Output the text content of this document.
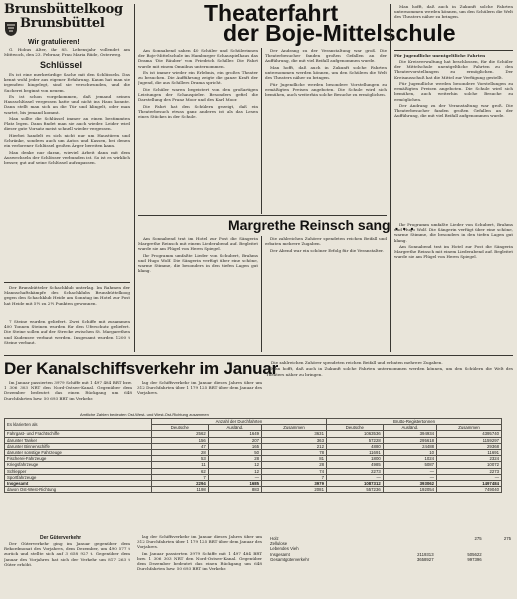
Brunsbüttelkoog
Brunsbüttel
Wir gratulieren!

G. Hobus Alter, ihr 85. Lebensjahr vollendet am Mittwoch, den 23. Februar, Frau Maria Rüde, Osterweg.

Schlüssel

Es ist eine merkwürdige Sache mit den Schlüsseln. Das kennt wohl jeder aus eigener Erfahrung. Kaum hat man sie irgendwo hingelegt, sind sie verschwunden, und die Sucherei beginnt von neuem.

Es ist schon vorgekommen, daß jemand seinen Hausschlüssel vergessen hatte und nicht ins Haus konnte. Dann stellt man sich an die Tür und klingelt, oder man wartet, bis jemand kommt.

Man sollte die Schlüssel immer an einen bestimmten Platz legen. Dann findet man sie auch wieder. Leider wird dieser gute Vorsatz meist schnell wieder vergessen.

Hierbei handelt es sich nicht nur um Haustüren und Schränke, sondern auch um Autos und Kassen, bei denen ein verlorener Schlüssel großen Ärger bereiten kann.

Man denke nur daran, wieviel Arbeit dann mit dem Auswechseln der Schlösser verbunden ist. So ist es wirklich besser, gut auf seine Schlüssel aufzupassen.

Der Brunsbütteler Schachklub unterlag. Im Rahmen der Mannschaftskämpfe des Schachklubs Brunsbüttelkoog gegen den Schachklub Heide am Sonntag im Hotel zur Post hat Heide mit 5½ zu 2½ Punkten gewonnen.

7 Steine wurden geliefert. Zwei Schiffe mit zusammen 400 Tonnen Steinen wurden für den Uferschutz geliefert. Die Steine sollen auf der Strecke zwischen St. Margarethen und Kudensee verbaut werden. Insgesamt wurden 1200 t Steine verbaut.

Theaterfahrt
der Boje-Mittelschule

Am Sonnabend sahen 40 Schüler und Schülerinnen der Boje-Mittelschule im Hamburger Schauspielhaus das Drama 'Die Räuber' von Friedrich Schiller. Die Fahrt wurde mit einem Omnibus unternommen.

Es ist immer wieder ein Erlebnis, ein großes Theater zu besuchen. Die Aufführung zeigte die ganze Kraft der Jugend, die aus Schillers Drama spricht.

Die Schüler waren begeistert von den großartigen Leistungen der Schauspieler. Besonders gefiel die Darstellung des Franz Moor und des Karl Moor.

Die Fahrt hat den Schülern gezeigt, daß ein Theaterbesuch etwas ganz anderes ist als das Lesen eines Stückes in der Schule.

Der Andrang zu der Veranstaltung war groß. Die Theaterbesucher fanden großen Gefallen an der Aufführung, die mit viel Beifall aufgenommen wurde.

Man hofft, daß auch in Zukunft solche Fahrten unternommen werden können, um den Schülern die Welt des Theaters näher zu bringen.

Für Jugendliche werden besondere Vorstellungen zu ermäßigten Preisen angeboten. Die Schule wird sich bemühen, auch weiterhin solche Besuche zu ermöglichen.

Man hofft, daß auch in Zukunft solche Fahrten unternommen werden können, um den Schülern die Welt des Theaters näher zu bringen.

Für Jugendliche unentgeltliche Fahrten

Die Kreisverwaltung hat beschlossen, für die Schüler der Mittelschule unentgeltliche Fahrten zu den Theatervorstellungen zu ermöglichen. Der Kreisausschuß hat die Mittel zur Verfügung gestellt.

Für Jugendliche werden besondere Vorstellungen zu ermäßigten Preisen angeboten. Die Schule wird sich bemühen, auch weiterhin solche Besuche zu ermöglichen.

Der Andrang zu der Veranstaltung war groß. Die Theaterbesucher fanden großen Gefallen an der Aufführung, die mit viel Beifall aufgenommen wurde.

Margrethe Reinsch sang . . .

Am Sonnabend trat im Hotel zur Post die Sängerin Margrethe Reinsch mit einem Liederabend auf. Begleitet wurde sie am Flügel von Herrn Spiegel.

Ihr Programm umfaßte Lieder von Schubert, Brahms und Hugo Wolf. Die Sängerin verfügt über eine schöne, warme Stimme, die besonders in den tiefen Lagen gut klang.

Die zahlreichen Zuhörer spendeten reichen Beifall und erbaten mehrere Zugaben.

Der Abend war ein schöner Erfolg für die Veranstalter.

Ihr Programm umfaßte Lieder von Schubert, Brahms und Hugo Wolf. Die Sängerin verfügt über eine schöne, warme Stimme, die besonders in den tiefen Lagen gut klang.

Am Sonnabend trat im Hotel zur Post die Sängerin Margrethe Reinsch mit einem Liederabend auf. Begleitet wurde sie am Flügel von Herrn Spiegel.

Der Kanalschiffsverkehr im Januar

Im Januar passierten 3979 Schiffe mit 1 497 484 BRT bzw. 1 306 303 NRT den Nord-Ostsee-Kanal. Gegenüber dem Dezember bedeutet das einen Rückgang um 648 Durchfahrten bzw. 50 693 BRT im Verkehr.

lag der Schiffsverkehr im Januar dieses Jahres über um 312 Durchfahrten über 1 179 125 BRT über dem Januar des Vorjahres.

Die zahlreichen Zuhörer spendeten reichen Beifall und erbaten mehrere Zugaben.

Man hofft, daß auch in Zukunft solche Fahrten unternommen werden können, um den Schülern die Welt des Theaters näher zu bringen.

Amtliche Zahlen bedeuten Ost-West- und West-Ost-Richtung zusammen
Es klarierten als	Anzahl der Durchfahrten			Brutto-Registertonnen		
	Deutsche	Ausländ.	Zusammen	Deutsche	Ausländ.	Zusammen
Fahrgast- und Frachtschiffe	2562	1649	3631	1063536	394934	4395740
darunter Tanker	156	207	363	57228	295618	1159297
darunter Binnenschiffe	47	165	212	4880	24488	29368
darunter sonstige Fahrzeuge	28	50	78	11691	10	11691
Fischerei-Fahrzeuge	53	28	81	1800	1024	2324
Kriegsfahrzeuge	11	12	28	4985	5087	10072
Schlepper	62	12	74	2273	—	2273
Sportfahrzeuge	7	—	7	—	—	—
Insgesamt	2294	1685	3979	1087312	393062	1497484
davon Ost-West-Richtung	1198	883	2081	557236	192054	749040
Der Güterverkehr

Der Güterverkehr ging im Januar gegenüber dem Rekordmonat des Vorjahres, dem Dezember, um 490 577 t zurück und stellte sich auf 3 658 927 t. Gegenüber dem Januar des Vorjahres hat sich der Verkehr um 817 263 t Güter erhöht.

lag der Schiffsverkehr im Januar dieses Jahres über um 312 Durchfahrten über 1 179 125 BRT über dem Januar des Vorjahres.

Im Januar passierten 3979 Schiffe mit 1 497 484 BRT bzw. 1 306 303 NRT den Nord-Ostsee-Kanal. Gegenüber dem Dezember bedeutet das einen Rückgang um 648 Durchfahrten bzw. 50 693 BRT im Verkehr.

Holz		275	275
Zellulose			
Lebendes Vieh			
Insgesamt	2119313	505622	
Gesamtgüterverkehr	3658927	997396	
